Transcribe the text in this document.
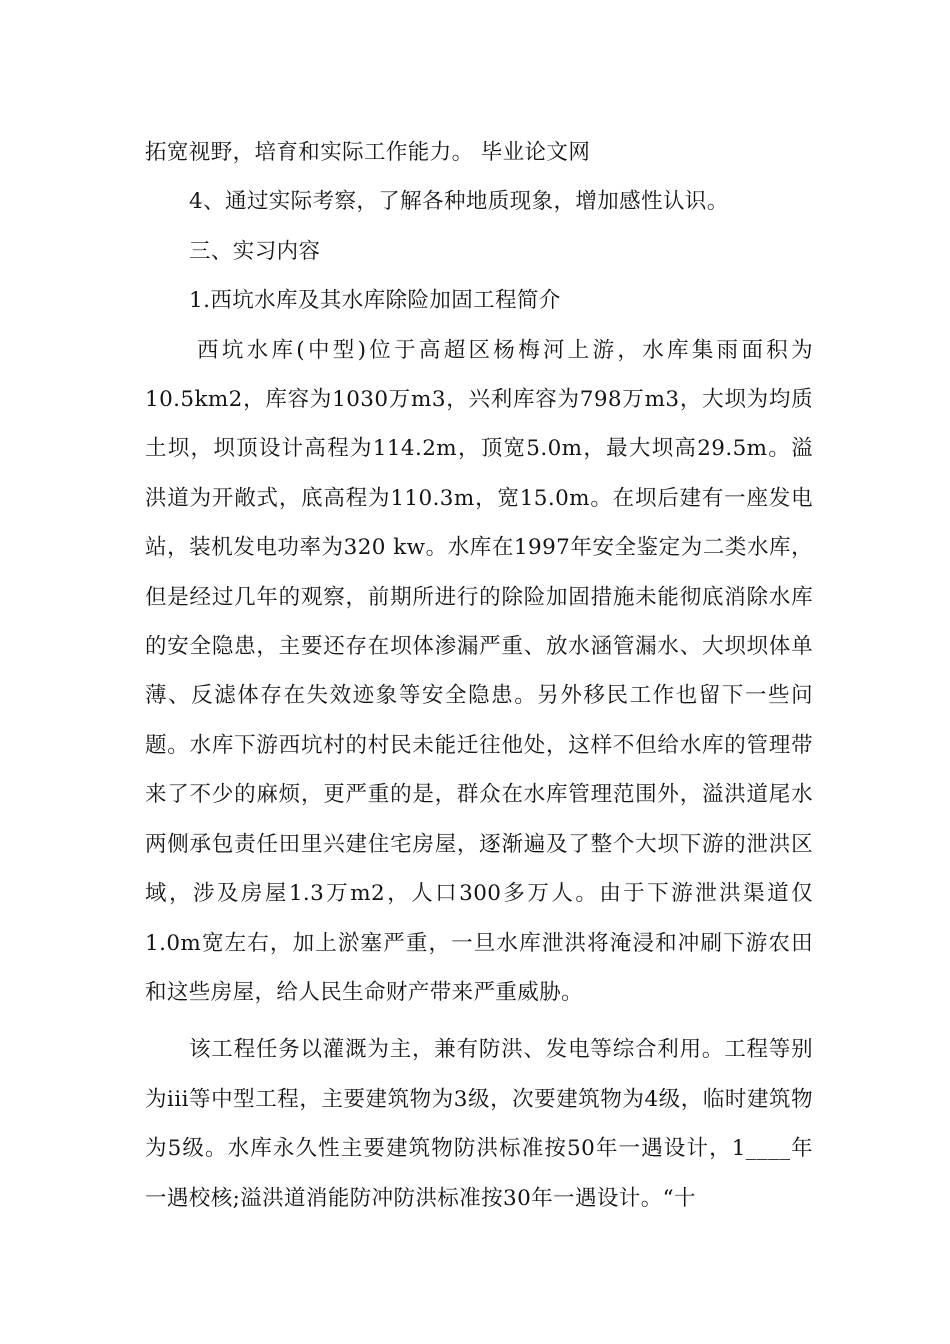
拓宽视野，培育和实际工作能力。 毕业论文网

4、通过实际考察，了解各种地质现象，增加感性认识。

三、实习内容

1.西坑水库及其水库除险加固工程简介

西坑水库(中型)位于高超区杨梅河上游，水库集雨面积为10.5km2，库容为1030万m3，兴利库容为798万m3，大坝为均质土坝，坝顶设计高程为114.2m，顶宽5.0m，最大坝高29.5m。溢洪道为开敞式，底高程为110.3m，宽15.0m。在坝后建有一座发电站，装机发电功率为320 kw。水库在1997年安全鉴定为二类水库，但是经过几年的观察，前期所进行的除险加固措施未能彻底消除水库的安全隐患，主要还存在坝体渗漏严重、放水涵管漏水、大坝坝体单薄、反滤体存在失效迹象等安全隐患。另外移民工作也留下一些问题。水库下游西坑村的村民未能迁往他处，这样不但给水库的管理带来了不少的麻烦，更严重的是，群众在水库管理范围外，溢洪道尾水两侧承包责任田里兴建住宅房屋，逐渐遍及了整个大坝下游的泄洪区域，涉及房屋1.3万m2，人口300多万人。由于下游泄洪渠道仅1.0m宽左右，加上淤塞严重，一旦水库泄洪将淹浸和冲刷下游农田和这些房屋，给人民生命财产带来严重威胁。

该工程任务以灌溉为主，兼有防洪、发电等综合利用。工程等别为iii等中型工程，主要建筑物为3级，次要建筑物为4级，临时建筑物为5级。水库永久性主要建筑物防洪标准按50年一遇设计，1____年一遇校核;溢洪道消能防冲防洪标准按30年一遇设计。“十
